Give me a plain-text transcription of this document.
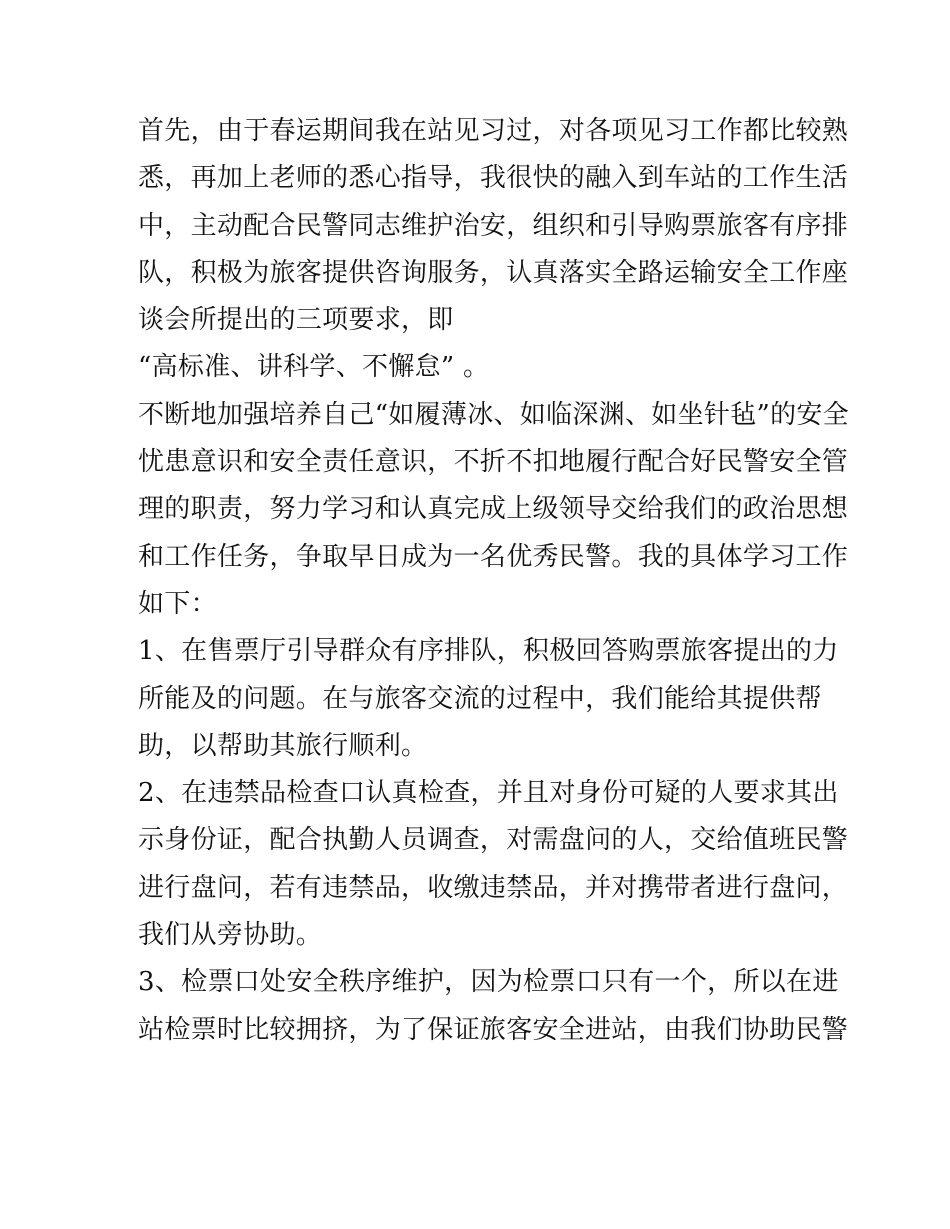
首先，由于春运期间我在站见习过，对各项见习工作都比较熟
悉，再加上老师的悉心指导，我很快的融入到车站的工作生活
中，主动配合民警同志维护治安，组织和引导购票旅客有序排
队，积极为旅客提供咨询服务，认真落实全路运输安全工作座
谈会所提出的三项要求，即

“高标准、讲科学、不懈怠” 。

不断地加强培养自己“如履薄冰、如临深渊、如坐针毡”的安全
忧患意识和安全责任意识，不折不扣地履行配合好民警安全管
理的职责，努力学习和认真完成上级领导交给我们的政治思想
和工作任务，争取早日成为一名优秀民警。我的具体学习工作
如下：

1、在售票厅引导群众有序排队，积极回答购票旅客提出的力
所能及的问题。在与旅客交流的过程中，我们能给其提供帮
助，以帮助其旅行顺利。

2、在违禁品检查口认真检查，并且对身份可疑的人要求其出
示身份证，配合执勤人员调查，对需盘问的人，交给值班民警
进行盘问，若有违禁品，收缴违禁品，并对携带者进行盘问，
我们从旁协助。

3、检票口处安全秩序维护，因为检票口只有一个，所以在进
站检票时比较拥挤，为了保证旅客安全进站，由我们协助民警
